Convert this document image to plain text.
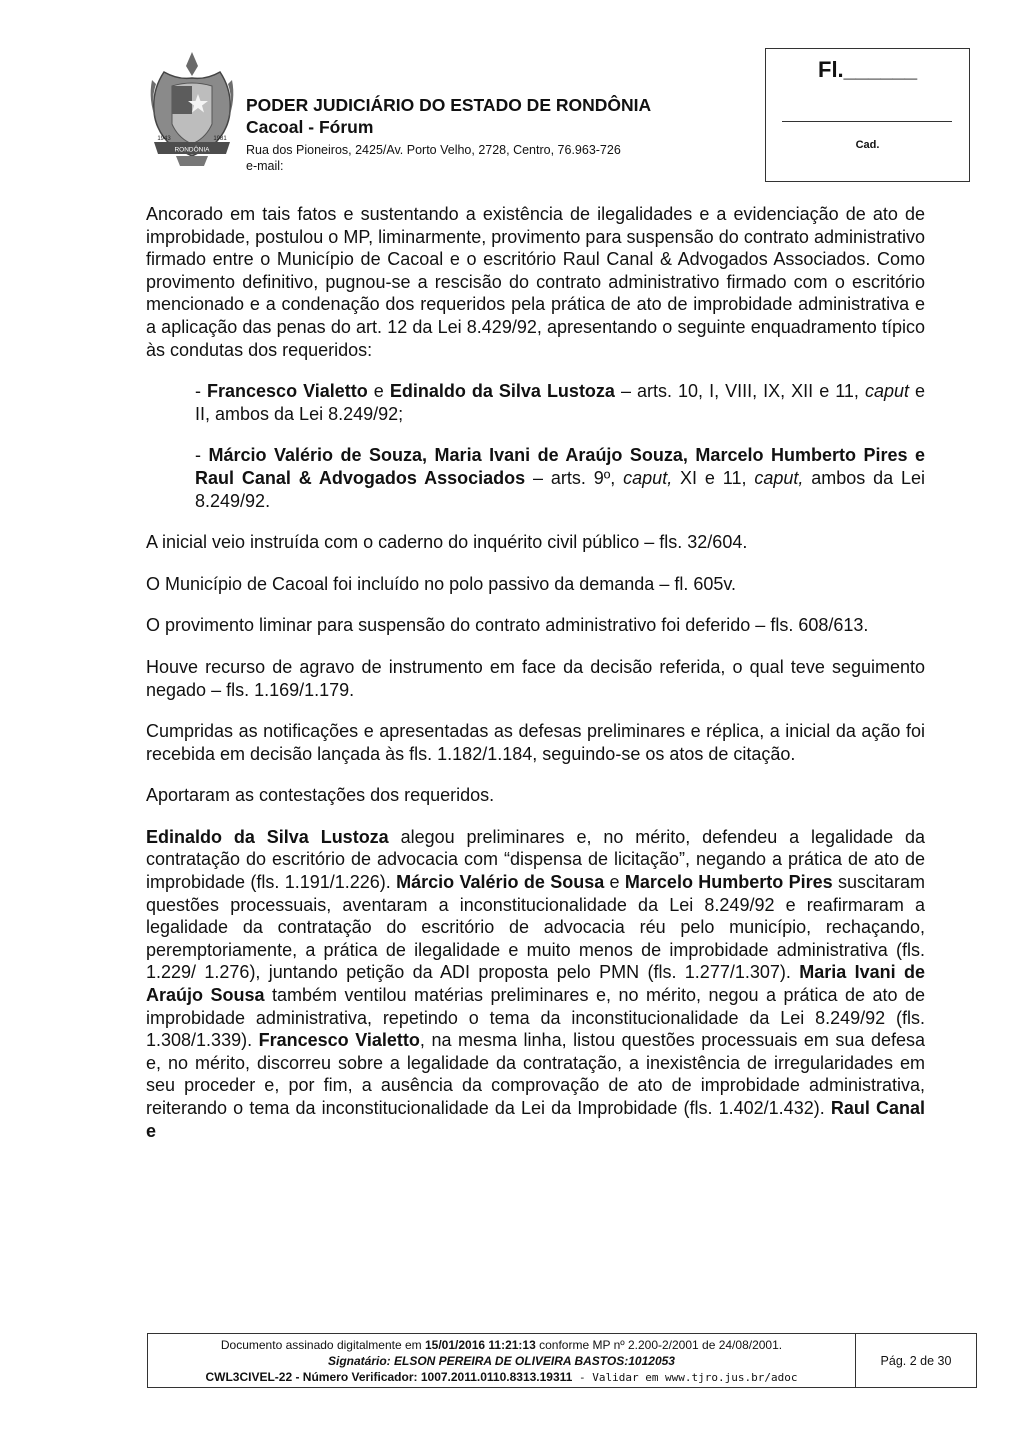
RONDÔNIA
1943	1981
PODER JUDICIÁRIO DO ESTADO DE RONDÔNIA
Cacoal - Fórum
Rua dos Pioneiros, 2425/Av. Porto Velho, 2728, Centro, 76.963-726
e-mail:
Fl.______
Cad.

Ancorado em tais fatos e sustentando a existência de ilegalidades e a evidenciação de ato de improbidade, postulou o MP, liminarmente, provimento para suspensão do contrato administrativo firmado entre o Município de Cacoal e o escritório Raul Canal & Advogados Associados. Como provimento definitivo, pugnou-se a rescisão do contrato administrativo firmado com o escritório mencionado e a condenação dos requeridos pela prática de ato de improbidade administrativa e a aplicação das penas do art. 12 da Lei 8.429/92, apresentando o seguinte enquadramento típico às condutas dos requeridos:

- Francesco Vialetto e Edinaldo da Silva Lustoza – arts. 10, I, VIII, IX, XII e 11, caput e II, ambos da Lei 8.249/92;

- Márcio Valério de Souza, Maria Ivani de Araújo Souza, Marcelo Humberto Pires e Raul Canal & Advogados Associados – arts. 9º, caput, XI e 11, caput, ambos da Lei 8.249/92.

A inicial veio instruída com o caderno do inquérito civil público – fls. 32/604.

O Município de Cacoal foi incluído no polo passivo da demanda – fl. 605v.

O provimento liminar para suspensão do contrato administrativo foi deferido – fls. 608/613.

Houve recurso de agravo de instrumento em face da decisão referida, o qual teve seguimento negado – fls. 1.169/1.179.

Cumpridas as notificações e apresentadas as defesas preliminares e réplica, a inicial da ação foi recebida em decisão lançada às fls. 1.182/1.184, seguindo-se os atos de citação.

Aportaram as contestações dos requeridos.

Edinaldo da Silva Lustoza alegou preliminares e, no mérito, defendeu a legalidade da contratação do escritório de advocacia com “dispensa de licitação”, negando a prática de ato de improbidade (fls. 1.191/1.226). Márcio Valério de Sousa e Marcelo Humberto Pires suscitaram questões processuais, aventaram a inconstitucionalidade da Lei 8.249/92 e reafirmaram a legalidade da contratação do escritório de advocacia réu pelo município, rechaçando, peremptoriamente, a prática de ilegalidade e muito menos de improbidade administrativa (fls. 1.229/ 1.276), juntando petição da ADI proposta pelo PMN (fls. 1.277/1.307). Maria Ivani de Araújo Sousa também ventilou matérias preliminares e, no mérito, negou a prática de ato de improbidade administrativa, repetindo o tema da inconstitucionalidade da Lei 8.249/92 (fls. 1.308/1.339). Francesco Vialetto, na mesma linha, listou questões processuais em sua defesa e, no mérito, discorreu sobre a legalidade da contratação, a inexistência de irregularidades em seu proceder e, por fim, a ausência da comprovação de ato de improbidade administrativa, reiterando o tema da inconstitucionalidade da Lei da Improbidade (fls. 1.402/1.432). Raul Canal e

Documento assinado digitalmente em 15/01/2016 11:21:13 conforme MP nº 2.200-2/2001 de 24/08/2001.
Signatário: ELSON PEREIRA DE OLIVEIRA BASTOS:1012053
CWL3CIVEL-22 - Número Verificador: 1007.2011.0110.8313.19311 - Validar em www.tjro.jus.br/adoc
Pág. 2 de 30
